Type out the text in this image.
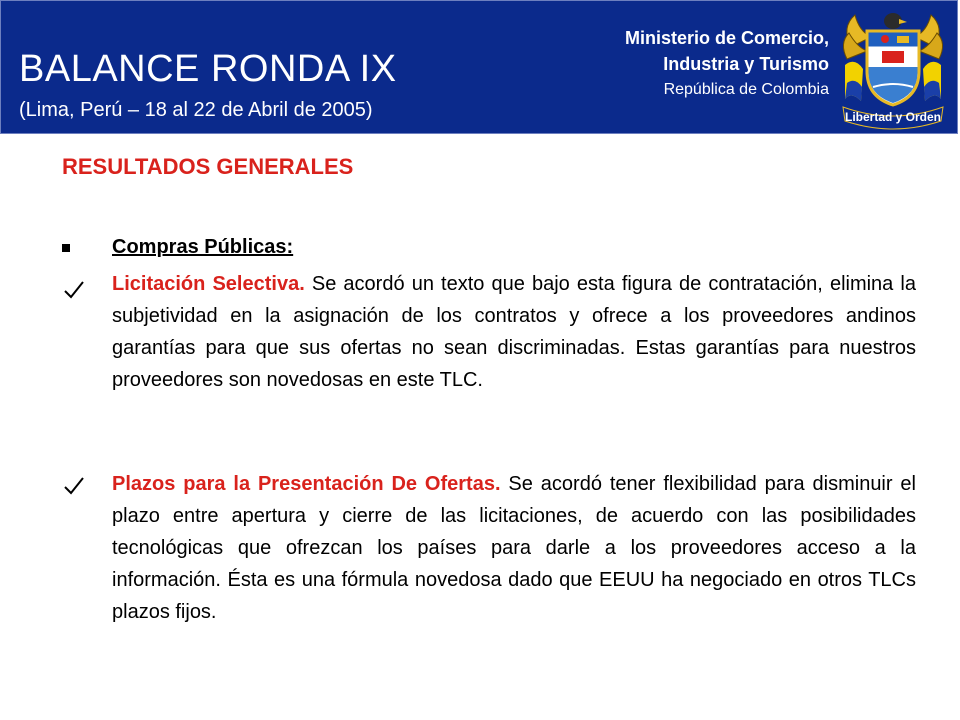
BALANCE RONDA IX
(Lima, Perú – 18 al 22 de Abril de 2005)
Ministerio de Comercio,
Industria y Turismo
República de Colombia
Libertad y Orden
RESULTADOS GENERALES
Compras Públicas:
Licitación Selectiva. Se acordó un texto que bajo esta figura de contratación, elimina la subjetividad en la asignación de los contratos y ofrece a los proveedores andinos garantías para que sus ofertas no sean discriminadas. Estas garantías para nuestros proveedores son novedosas en este TLC.
Plazos para la Presentación De Ofertas. Se acordó tener flexibilidad para disminuir el plazo entre apertura y cierre de las licitaciones, de acuerdo con las posibilidades tecnológicas que ofrezcan los países para darle a los proveedores acceso a la información. Ésta es una fórmula novedosa dado que EEUU ha negociado en otros TLCs plazos fijos.
